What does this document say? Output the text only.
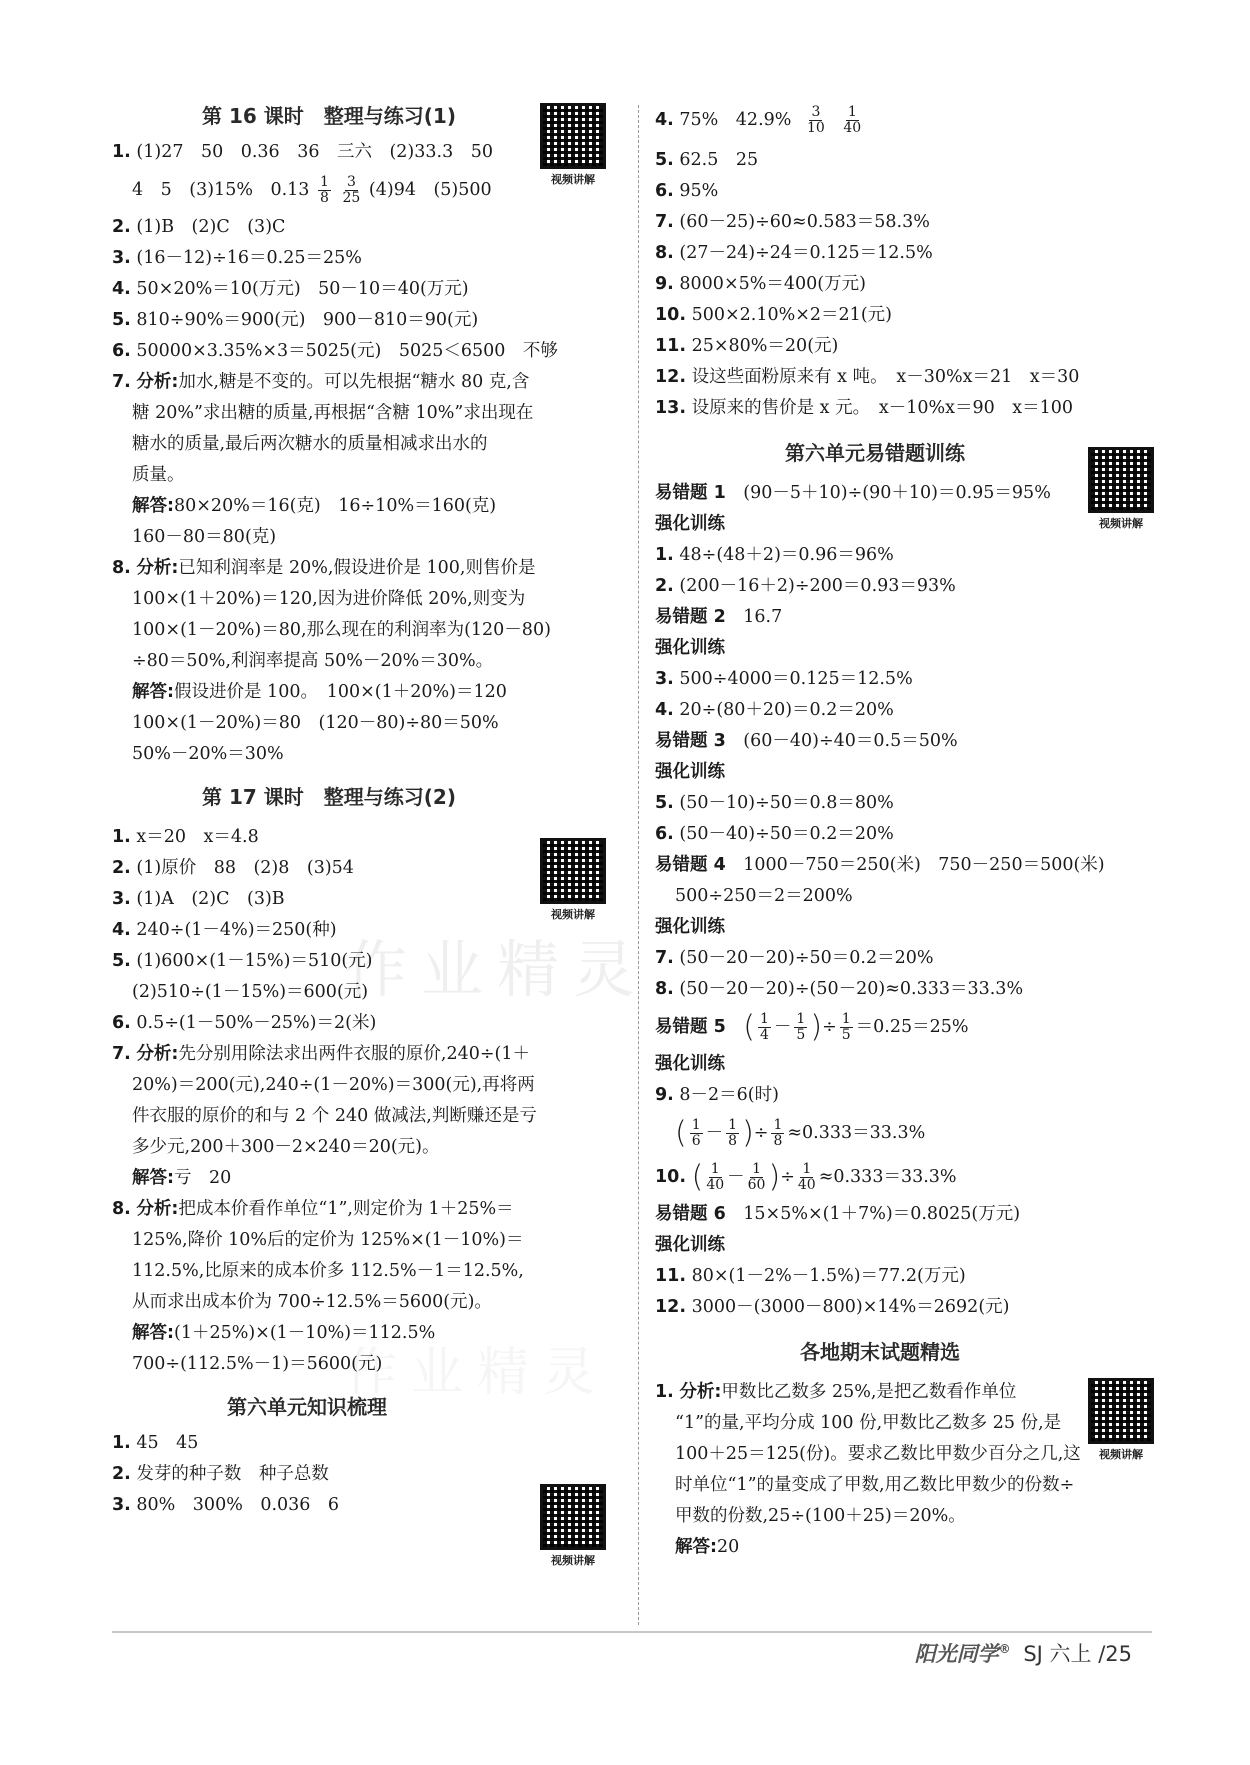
作业精灵
作业精灵
第 16 课时　整理与练习(1)
1. (1)27　50　0.36　36　三六　(2)33.3　50
4　5　(3)15%　$0.13 \frac{1}{8}$
$\frac{3}{25} (4)94$　(5)500
2. (1)B　(2)C　(3)C
3. (16－12)÷16＝0.25＝25%
4. 50×20%＝10(万元)　50－10＝40(万元)
5. 810÷90%＝900(元)　900－810＝90(元)
6. 50000×3.35%×3＝5025(元)　5025＜6500　不够
7. 分析:加水,糖是不变的。可以先根据“糖水 80 克,含
糖 20%”求出糖的质量,再根据“含糖 10%”求出现在
糖水的质量,最后两次糖水的质量相减求出水的
质量。
解答:80×20%＝16(克)　16÷10%＝160(克)
160－80＝80(克)
8. 分析:已知利润率是 20%,假设进价是 100,则售价是
100×(1＋20%)＝120,因为进价降低 20%,则变为
100×(1－20%)＝80,那么现在的利润率为(120－80)
÷80＝50%,利润率提高 50%－20%＝30%。
解答:假设进价是 100。　100×(1＋20%)＝120
100×(1－20%)＝80　(120－80)÷80＝50%
50%－20%＝30%
第 17 课时　整理与练习(2)
1. x＝20　x＝4.8
2. (1)原价　88　(2)8　(3)54
3. (1)A　(2)C　(3)B
4. 240÷(1－4%)＝250(种)
5. (1)600×(1－15%)＝510(元)
(2)510÷(1－15%)＝600(元)
6. 0.5÷(1－50%－25%)＝2(米)
7. 分析:先分别用除法求出两件衣服的原价,240÷(1＋
20%)＝200(元),240÷(1－20%)＝300(元),再将两
件衣服的原价的和与 2 个 240 做减法,判断赚还是亏
多少元,200＋300－2×240＝20(元)。
解答:亏　20
8. 分析:把成本价看作单位“1”,则定价为 1＋25%＝
125%,降价 10%后的定价为 125%×(1－10%)＝
112.5%,比原来的成本价多 112.5%－1＝12.5%,
从而求出成本价为 700÷12.5%＝5600(元)。
解答:(1＋25%)×(1－10%)＝112.5%
700÷(112.5%－1)＝5600(元)
第六单元知识梳理
1. 45　45
2. 发芽的种子数　种子总数
3. 80%　300%　0.036　6
视频讲解
视频讲解
视频讲解
4. 75%　$42.9\% \frac{3}{10}$
$\frac{1}{40}$
5. 62.5　25
6. 95%
7. (60－25)÷60≈0.583＝58.3%
8. (27－24)÷24＝0.125＝12.5%
9. 8000×5%＝400(万元)
10. 500×2.10%×2＝21(元)
11. 25×80%＝20(元)
12. 设这些面粉原来有 x 吨。　x－30%x＝21　x＝30
13. 设原来的售价是 x 元。　x－10%x＝90　x＝100
第六单元易错题训练
易错题 1　 (90－5＋10)÷(90＋10)＝0.95＝95%
强化训练
1. 48÷(48＋2)＝0.96＝96%
2. (200－16＋2)÷200＝0.93＝93%
易错题 2　 16.7
强化训练
3. 500÷4000＝0.125＝12.5%
4. 20÷(80＋20)＝0.2＝20%
易错题 3　 (60－40)÷40＝0.5＝50%
强化训练
5. (50－10)÷50＝0.8＝80%
6. (50－40)÷50＝0.2＝20%
易错题 4　 1000－750＝250(米)　750－250＝500(米)
500÷250＝2＝200%
强化训练
7. (50－20－20)÷50＝0.2＝20%
8. (50－20－20)÷(50－20)≈0.333＝33.3%
易错题 5　 ( $\frac{1}{4} - \frac{1}{5}$ )÷ $\frac{1}{5} =0.25=25\%$
强化训练
9. 8－2＝6(时)
( $\frac{1}{6} - \frac{1}{8}$ )÷ $\frac{1}{8} \approx 0.333=33.3\%$
10. ( $\frac{1}{40} - \frac{1}{60}$ )÷ $\frac{1}{40} \approx 0.333=33.3\%$
易错题 6　 15×5%×(1＋7%)＝0.8025(万元)
强化训练
11. 80×(1－2%－1.5%)＝77.2(万元)
12. 3000－(3000－800)×14%＝2692(元)
各地期末试题精选
1. 分析:甲数比乙数多 25%,是把乙数看作单位
“1”的量,平均分成 100 份,甲数比乙数多 25 份,是
100＋25＝125(份)。要求乙数比甲数少百分之几,这
时单位“1”的量变成了甲数,用乙数比甲数少的份数÷
甲数的份数,25÷(100＋25)＝20%。
解答:20
视频讲解
视频讲解
阳光同学® SJ 六上 /25
